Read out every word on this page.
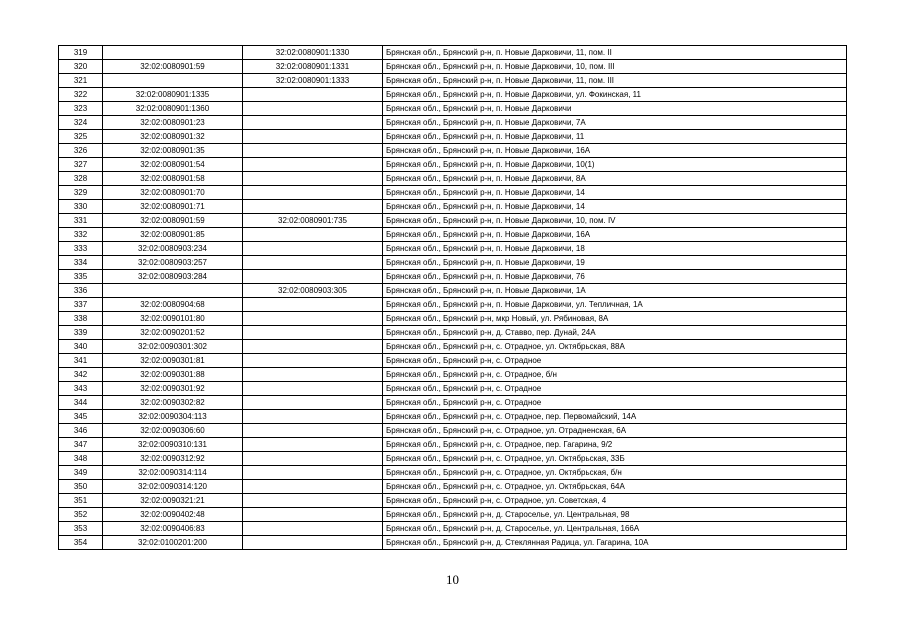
319		32:02:0080901:1330	Брянская обл., Брянский р-н, п. Новые Дарковичи, 11, пом. II
320	32:02:0080901:59	32:02:0080901:1331	Брянская обл., Брянский р-н, п. Новые Дарковичи, 10, пом. III
321		32:02:0080901:1333	Брянская обл., Брянский р-н, п. Новые Дарковичи, 11, пом. III
322	32:02:0080901:1335		Брянская обл., Брянский р-н, п. Новые Дарковичи, ул. Фокинская, 11
323	32:02:0080901:1360		Брянская обл., Брянский р-н, п. Новые Дарковичи
324	32:02:0080901:23		Брянская обл., Брянский р-н, п. Новые Дарковичи, 7А
325	32:02:0080901:32		Брянская обл., Брянский р-н, п. Новые Дарковичи, 11
326	32:02:0080901:35		Брянская обл., Брянский р-н, п. Новые Дарковичи, 16А
327	32:02:0080901:54		Брянская обл., Брянский р-н, п. Новые Дарковичи, 10(1)
328	32:02:0080901:58		Брянская обл., Брянский р-н, п. Новые Дарковичи, 8А
329	32:02:0080901:70		Брянская обл., Брянский р-н, п. Новые Дарковичи, 14
330	32:02:0080901:71		Брянская обл., Брянский р-н, п. Новые Дарковичи, 14
331	32:02:0080901:59	32:02:0080901:735	Брянская обл., Брянский р-н, п. Новые Дарковичи, 10, пом. IV
332	32:02:0080901:85		Брянская обл., Брянский р-н, п. Новые Дарковичи, 16А
333	32:02:0080903:234		Брянская обл., Брянский р-н, п. Новые Дарковичи, 18
334	32:02:0080903:257		Брянская обл., Брянский р-н, п. Новые Дарковичи, 19
335	32:02:0080903:284		Брянская обл., Брянский р-н, п. Новые Дарковичи, 76
336		32:02:0080903:305	Брянская обл., Брянский р-н, п. Новые Дарковичи, 1А
337	32:02:0080904:68		Брянская обл., Брянский р-н, п. Новые Дарковичи, ул. Тепличная, 1А
338	32:02:0090101:80		Брянская обл., Брянский р-н, мкр Новый, ул. Рябиновая, 8А
339	32:02:0090201:52		Брянская обл., Брянский р-н, д. Ставво, пер. Дунай, 24А
340	32:02:0090301:302		Брянская обл., Брянский р-н, с. Отрадное, ул. Октябрьская, 88А
341	32:02:0090301:81		Брянская обл., Брянский р-н, с. Отрадное
342	32:02:0090301:88		Брянская обл., Брянский р-н, с. Отрадное, б/н
343	32:02:0090301:92		Брянская обл., Брянский р-н, с. Отрадное
344	32:02:0090302:82		Брянская обл., Брянский р-н, с. Отрадное
345	32:02:0090304:113		Брянская обл., Брянский р-н, с. Отрадное, пер. Первомайский, 14А
346	32:02:0090306:60		Брянская обл., Брянский р-н, с. Отрадное, ул. Отрадненская, 6А
347	32:02:0090310:131		Брянская обл., Брянский р-н, с. Отрадное, пер. Гагарина, 9/2
348	32:02:0090312:92		Брянская обл., Брянский р-н, с. Отрадное, ул. Октябрьская, 33Б
349	32:02:0090314:114		Брянская обл., Брянский р-н, с. Отрадное, ул. Октябрьская, б/н
350	32:02:0090314:120		Брянская обл., Брянский р-н, с. Отрадное, ул. Октябрьская, 64А
351	32:02:0090321:21		Брянская обл., Брянский р-н, с. Отрадное, ул. Советская, 4
352	32:02:0090402:48		Брянская обл., Брянский р-н, д. Староселье, ул. Центральная, 98
353	32:02:0090406:83		Брянская обл., Брянский р-н, д. Староселье, ул. Центральная, 166А
354	32:02:0100201:200		Брянская обл., Брянский р-н, д. Стеклянная Радица, ул. Гагарина, 10А
10
